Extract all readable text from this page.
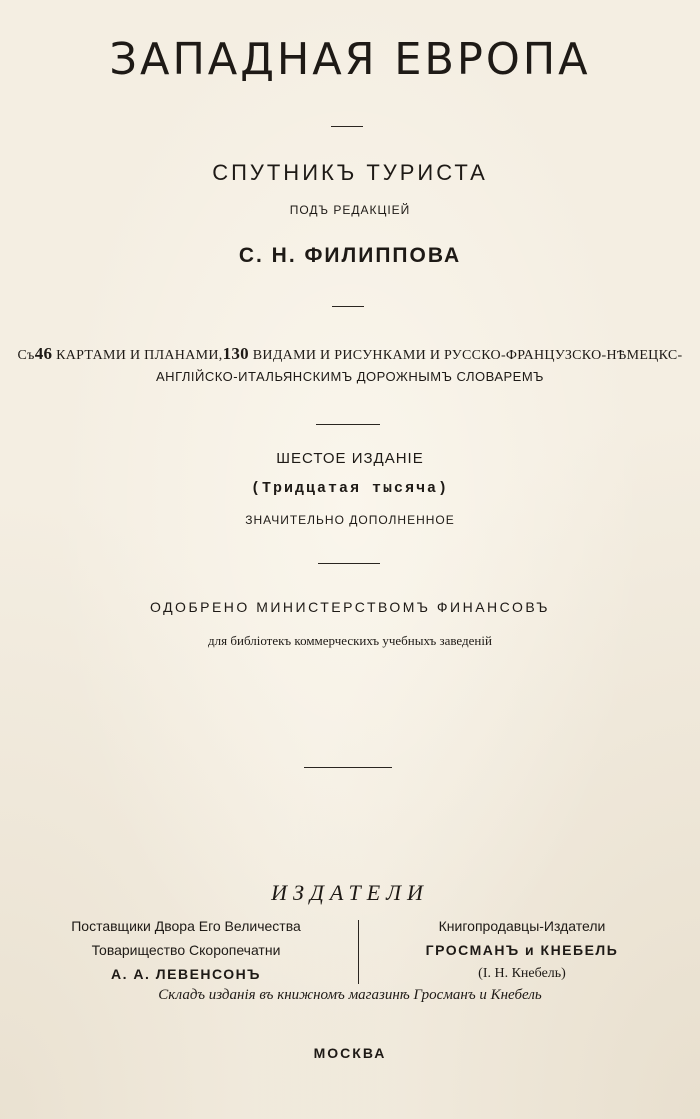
ЗАПАДНАЯ ЕВРОПА
СПУТНИКЪ ТУРИСТА
ПОДЪ РЕДАКЦІЕЙ
С. Н. ФИЛИППОВА
Съ46 КАРТАМИ И ПЛАНАМИ,130 ВИДАМИ И РИСУНКАМИ И РУССКО-ФРАНЦУЗСКО-НѢМЕЦКС-
АНГЛІЙСКО-ИТАЛЬЯНСКИМЪ ДОРОЖНЫМЪ СЛОВАРЕМЪ
ШЕСТОЕ ИЗДАНІЕ
(Тридцатая тысяча)
ЗНАЧИТЕЛЬНО ДОПОЛНЕННОЕ
ОДОБРЕНО МИНИСТЕРСТВОМЪ ФИНАНСОВЪ
для библіотекъ коммерческихъ учебныхъ заведеній
ИЗДАТЕЛИ
Поставщики Двора Его Величества
Товарищество Скоропечатни
А. А. ЛЕВЕНСОНЪ
Книгопродавцы-Издатели
ГРОСМАНЪ и КНЕБЕЛЬ
(І. Н. Кнебель)
Складъ изданія въ книжномъ магазинѣ Гросманъ и Кнебель
МОСКВА
